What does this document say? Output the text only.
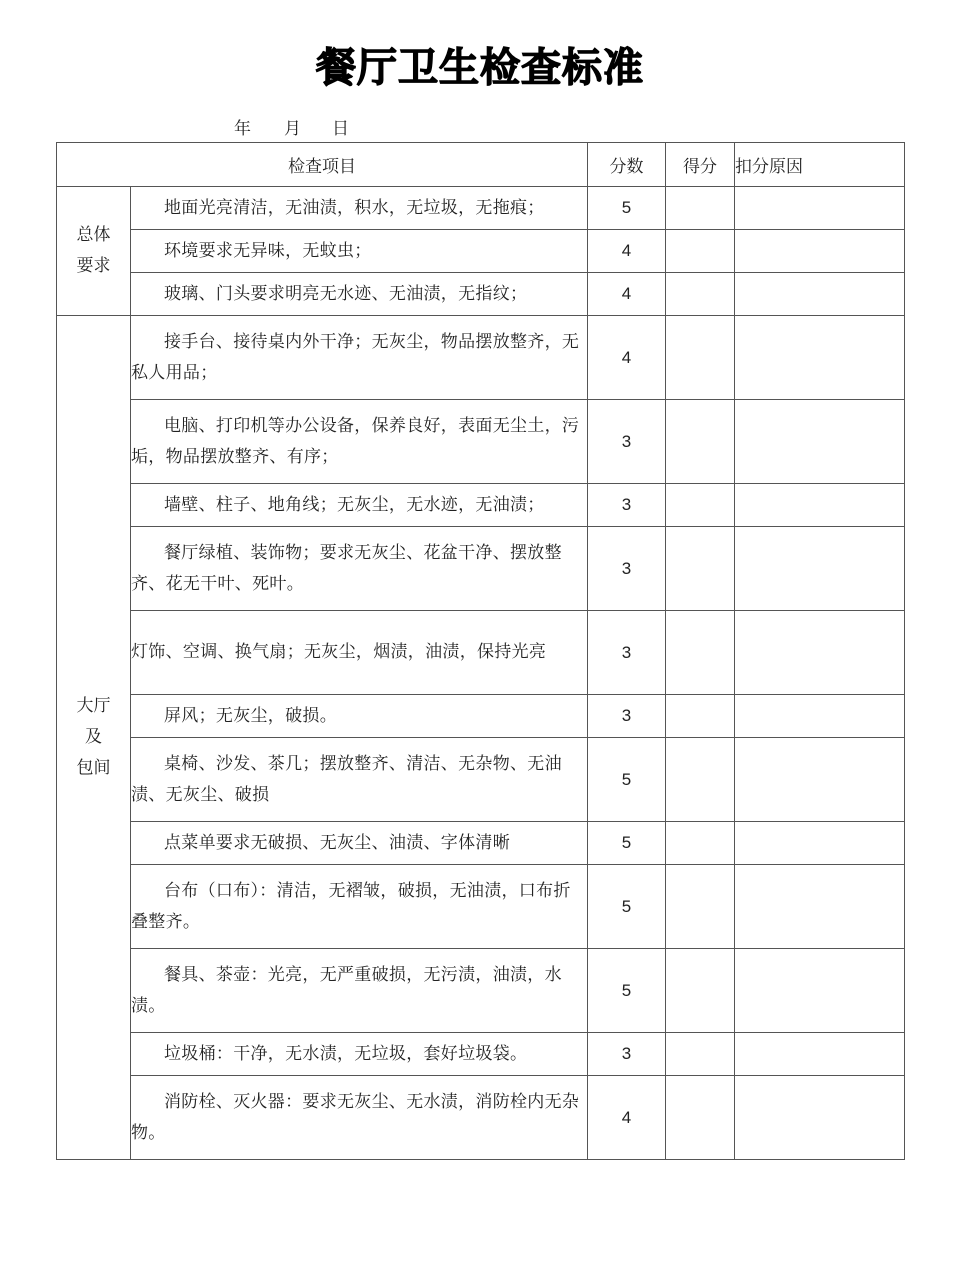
餐厅卫生检查标准
年	月	日
检查项目		分数	得分	扣分原因

总体
要求	地面光亮清洁，无油渍，积水，无垃圾，无拖痕；	5		
	环境要求无异味，无蚊虫；	4		
	玻璃、门头要求明亮无水迹、无油渍，无指纹；	4		

大厅
及
包间	接手台、接待桌内外干净；无灰尘，物品摆放整齐，无私人用品；	4		
	电脑、打印机等办公设备，保养良好，表面无尘土，污垢，物品摆放整齐、有序；	3		
	墙壁、柱子、地角线；无灰尘，无水迹，无油渍；	3		
	餐厅绿植、装饰物；要求无灰尘、花盆干净、摆放整齐、花无干叶、死叶。	3		
	灯饰、空调、换气扇；无灰尘，烟渍，油渍，保持光亮	3		
	屏风；无灰尘，破损。	3		
	桌椅、沙发、茶几；摆放整齐、清洁、无杂物、无油渍、无灰尘、破损	5		
	点菜单要求无破损、无灰尘、油渍、字体清晰	5		
	台布（口布）：清洁，无褶皱，破损，无油渍，口布折叠整齐。	5		
	餐具、茶壶：光亮，无严重破损，无污渍，油渍，水渍。	5		
	垃圾桶：干净，无水渍，无垃圾，套好垃圾袋。	3		
	消防栓、灭火器：要求无灰尘、无水渍，消防栓内无杂物。	4		
